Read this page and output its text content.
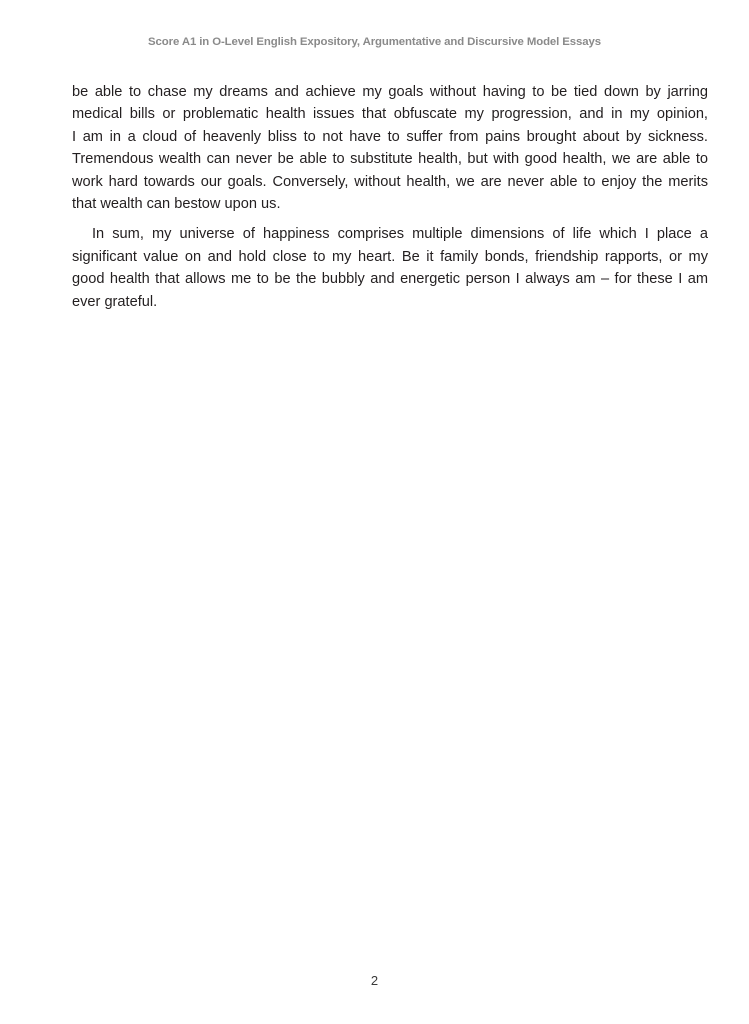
Score A1 in O-Level English Expository, Argumentative and Discursive Model Essays

be able to chase my dreams and achieve my goals without having to be tied down by jarring
medical bills or problematic health issues that obfuscate my progression, and in my opinion,
I am in a cloud of heavenly bliss to not have to suffer from pains brought about by sickness.
Tremendous wealth can never be able to substitute health, but with good health, we are able to
work hard towards our goals. Conversely, without health, we are never able to enjoy the merits
that wealth can bestow upon us.

In sum, my universe of happiness comprises multiple dimensions of life which I place a
significant value on and hold close to my heart. Be it family bonds, friendship rapports, or my
good health that allows me to be the bubbly and energetic person I always am – for these I am
ever grateful.

2
